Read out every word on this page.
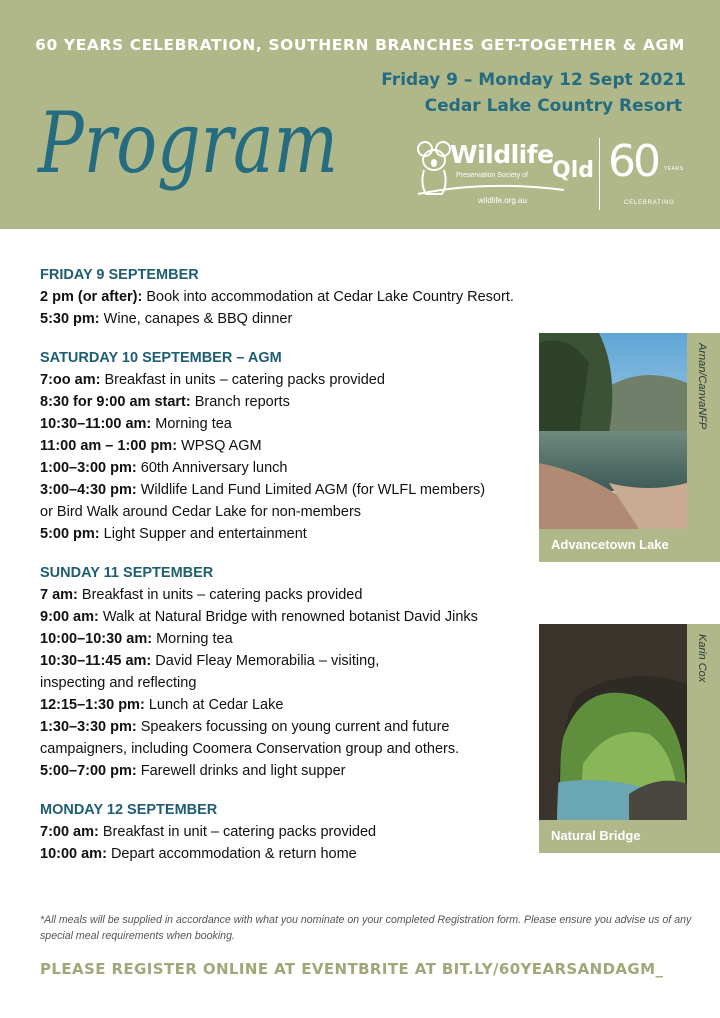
60 YEARS CELEBRATION, SOUTHERN BRANCHES GET-TOGETHER & AGM
Program
Friday 9 – Monday 12 Sept 2021
Cedar Lake Country Resort
Wildlife
Qld
Preservation Society of
wildlife.org.au
60 YEARS
CELEBRATING
FRIDAY 9 SEPTEMBER
2 pm (or after): Book into accommodation at Cedar Lake Country Resort.
5:30 pm: Wine, canapes & BBQ dinner
SATURDAY 10 SEPTEMBER – AGM
7:oo am: Breakfast in units – catering packs provided
8:30 for 9:00 am start: Branch reports
10:30–11:00 am: Morning tea
11:00 am – 1:00 pm: WPSQ AGM
1:00–3:00 pm: 60th Anniversary lunch
3:00–4:30 pm: Wildlife Land Fund Limited AGM (for WLFL members)
or Bird Walk around Cedar Lake for non-members
5:00 pm: Light Supper and entertainment
SUNDAY 11 SEPTEMBER
7 am: Breakfast in units – catering packs provided
9:00 am: Walk at Natural Bridge with renowned botanist David Jinks
10:00–10:30 am: Morning tea
10:30–11:45 am: David Fleay Memorabilia – visiting,
inspecting and reflecting
12:15–1:30 pm: Lunch at Cedar Lake
1:30–3:30 pm: Speakers focussing on young current and future
campaigners, including Coomera Conservation group and others.
5:00–7:00 pm: Farewell drinks and light supper
MONDAY 12 SEPTEMBER
7:00 am: Breakfast in unit – catering packs provided
10:00 am: Depart accommodation & return home
Advancetown Lake
Arnan/CanvaNFP
Natural Bridge
Karin Cox
*All meals will be supplied in accordance with what you nominate on your completed Registration form. Please ensure you advise us of any special meal requirements when booking.
PLEASE REGISTER ONLINE AT EVENTBRITE AT BIT.LY/60YEARSANDAGM_
